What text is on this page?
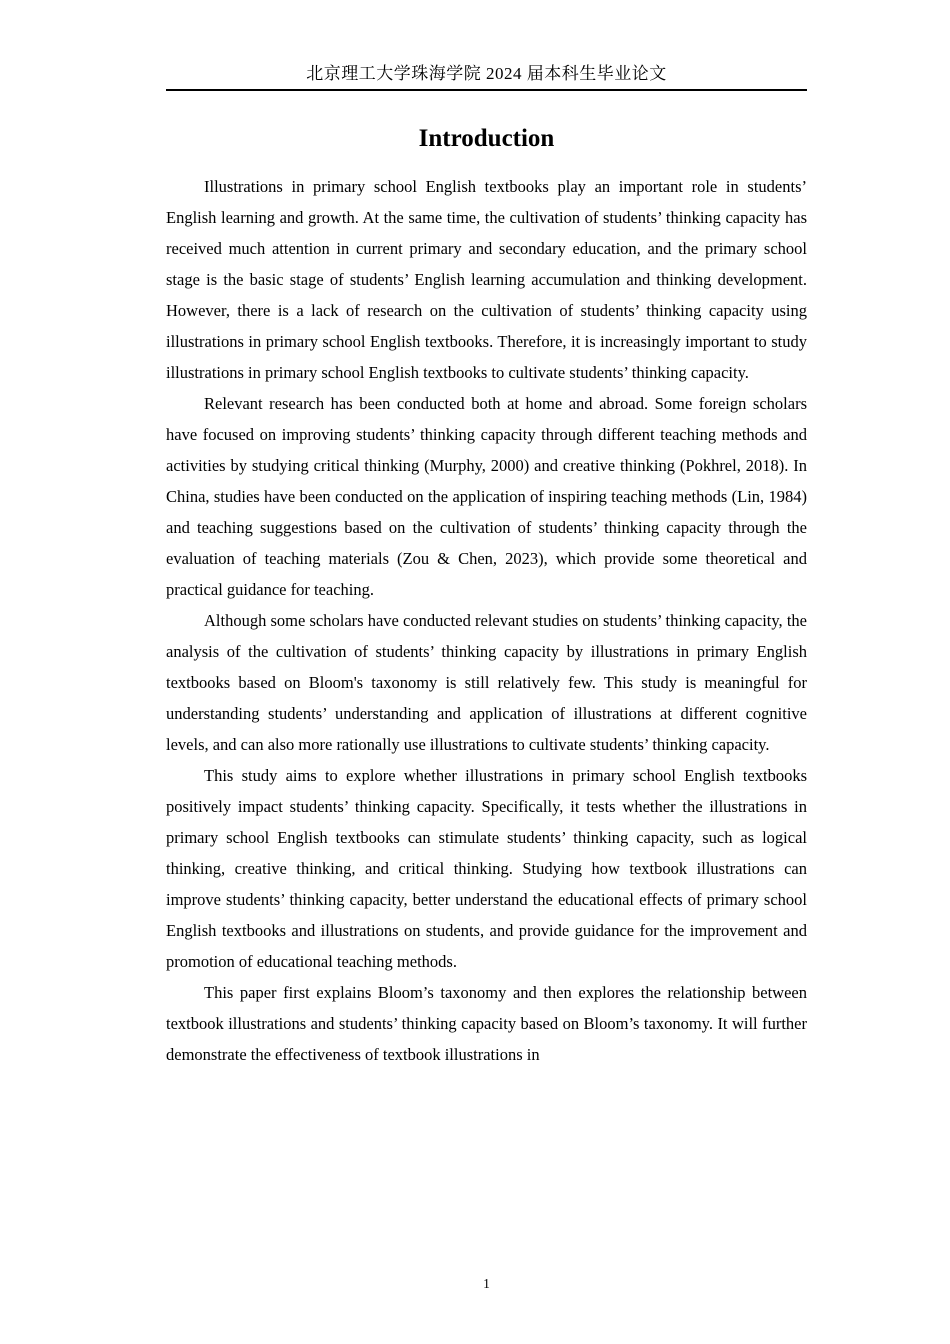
北京理工大学珠海学院 2024 届本科生毕业论文
Introduction

Illustrations in primary school English textbooks play an important role in students’ English learning and growth. At the same time, the cultivation of students’ thinking capacity has received much attention in current primary and secondary education, and the primary school stage is the basic stage of students’ English learning accumulation and thinking development. However, there is a lack of research on the cultivation of students’ thinking capacity using illustrations in primary school English textbooks. Therefore, it is increasingly important to study illustrations in primary school English textbooks to cultivate students’ thinking capacity.

Relevant research has been conducted both at home and abroad. Some foreign scholars have focused on improving students’ thinking capacity through different teaching methods and activities by studying critical thinking (Murphy, 2000) and creative thinking (Pokhrel, 2018). In China, studies have been conducted on the application of inspiring teaching methods (Lin, 1984) and teaching suggestions based on the cultivation of students’ thinking capacity through the evaluation of teaching materials (Zou & Chen, 2023), which provide some theoretical and practical guidance for teaching.

Although some scholars have conducted relevant studies on students’ thinking capacity, the analysis of the cultivation of students’ thinking capacity by illustrations in primary English textbooks based on Bloom's taxonomy is still relatively few. This study is meaningful for understanding students’ understanding and application of illustrations at different cognitive levels, and can also more rationally use illustrations to cultivate students’ thinking capacity.

This study aims to explore whether illustrations in primary school English textbooks positively impact students’ thinking capacity. Specifically, it tests whether the illustrations in primary school English textbooks can stimulate students’ thinking capacity, such as logical thinking, creative thinking, and critical thinking. Studying how textbook illustrations can improve students’ thinking capacity, better understand the educational effects of primary school English textbooks and illustrations on students, and provide guidance for the improvement and promotion of educational teaching methods.

This paper first explains Bloom’s taxonomy and then explores the relationship between textbook illustrations and students’ thinking capacity based on Bloom’s taxonomy. It will further demonstrate the effectiveness of textbook illustrations in

1
